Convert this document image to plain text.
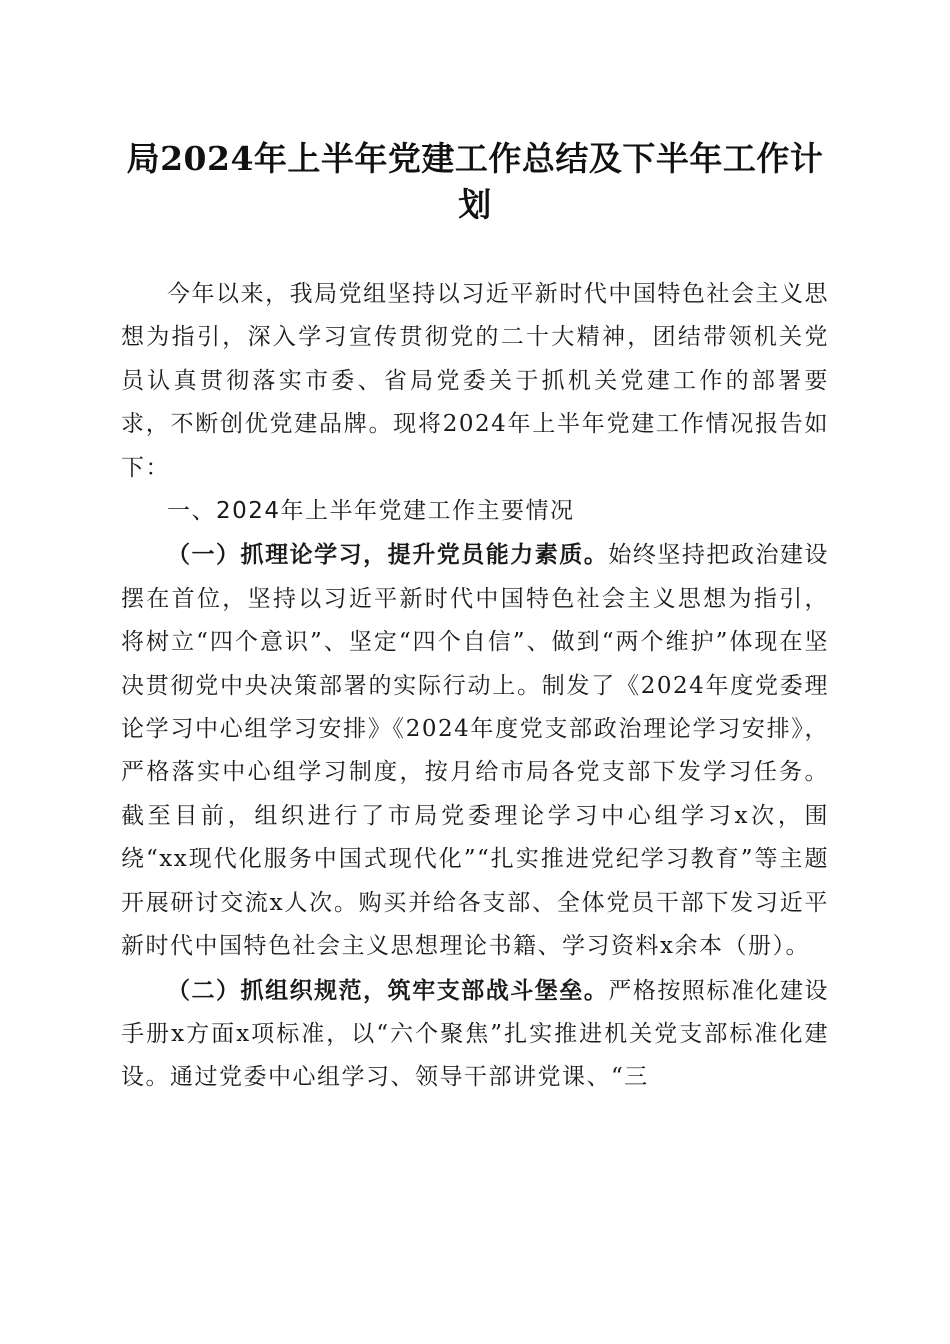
局2024年上半年党建工作总结及下半年工作计划

今年以来，我局党组坚持以习近平新时代中国特色社会主义思想为指引，深入学习宣传贯彻党的二十大精神，团结带领机关党员认真贯彻落实市委、省局党委关于抓机关党建工作的部署要求，不断创优党建品牌。现将2024年上半年党建工作情况报告如下：

一、2024年上半年党建工作主要情况

（一）抓理论学习，提升党员能力素质。始终坚持把政治建设摆在首位，坚持以习近平新时代中国特色社会主义思想为指引，将树立“四个意识”、坚定“四个自信”、做到“两个维护”体现在坚决贯彻党中央决策部署的实际行动上。制发了《2024年度党委理论学习中心组学习安排》《2024年度党支部政治理论学习安排》，严格落实中心组学习制度，按月给市局各党支部下发学习任务。截至目前，组织进行了市局党委理论学习中心组学习x次，围绕“xx现代化服务中国式现代化”“扎实推进党纪学习教育”等主题开展研讨交流x人次。购买并给各支部、全体党员干部下发习近平新时代中国特色社会主义思想理论书籍、学习资料x余本（册）。

（二）抓组织规范，筑牢支部战斗堡垒。严格按照标准化建设手册x方面x项标准，以“六个聚焦”扎实推进机关党支部标准化建设。通过党委中心组学习、领导干部讲党课、“三
